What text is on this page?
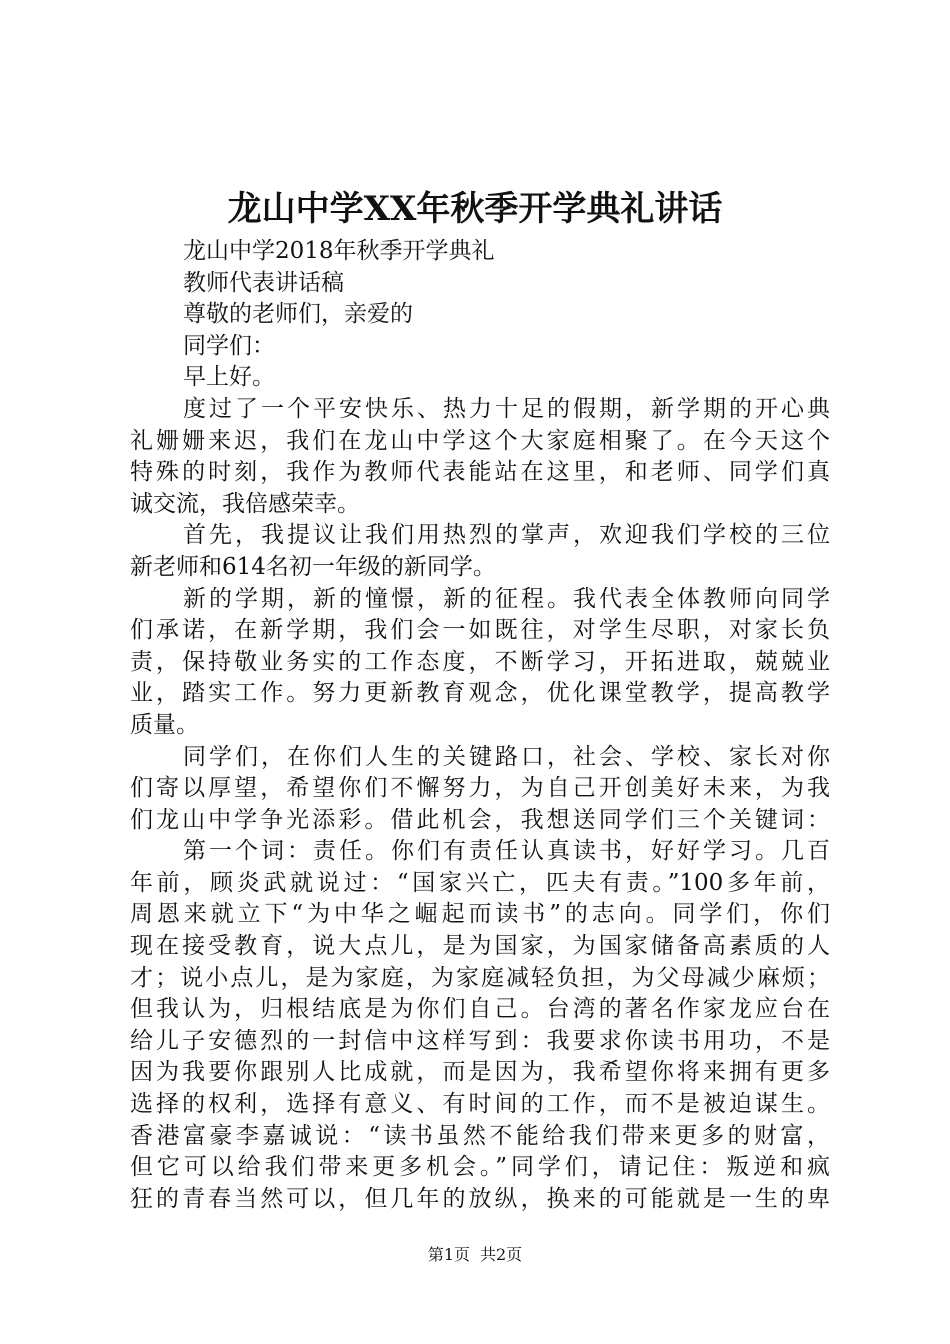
龙山中学XX年秋季开学典礼讲话
龙山中学2018年秋季开学典礼
教师代表讲话稿
尊敬的老师们，亲爱的
同学们：
早上好。
度过了一个平安快乐、热力十足的假期，新学期的开心典
礼姗姗来迟，我们在龙山中学这个大家庭相聚了。在今天这个
特殊的时刻，我作为教师代表能站在这里，和老师、同学们真
诚交流，我倍感荣幸。
首先，我提议让我们用热烈的掌声，欢迎我们学校的三位
新老师和614名初一年级的新同学。
新的学期，新的憧憬，新的征程。我代表全体教师向同学
们承诺，在新学期，我们会一如既往，对学生尽职，对家长负
责，保持敬业务实的工作态度，不断学习，开拓进取，兢兢业
业，踏实工作。努力更新教育观念，优化课堂教学，提高教学
质量。
同学们，在你们人生的关键路口，社会、学校、家长对你
们寄以厚望，希望你们不懈努力，为自己开创美好未来，为我
们龙山中学争光添彩。借此机会，我想送同学们三个关键词：
第一个词：责任。你们有责任认真读书，好好学习。几百
年前，顾炎武就说过：“国家兴亡，匹夫有责。”100多年前，
周恩来就立下“为中华之崛起而读书”的志向。同学们，你们
现在接受教育，说大点儿，是为国家，为国家储备高素质的人
才；说小点儿，是为家庭，为家庭减轻负担，为父母减少麻烦；
但我认为，归根结底是为你们自己。台湾的著名作家龙应台在
给儿子安德烈的一封信中这样写到：我要求你读书用功，不是
因为我要你跟别人比成就，而是因为，我希望你将来拥有更多
选择的权利，选择有意义、有时间的工作，而不是被迫谋生。
香港富豪李嘉诚说：“读书虽然不能给我们带来更多的财富，
但它可以给我们带来更多机会。”同学们，请记住：叛逆和疯
狂的青春当然可以，但几年的放纵，换来的可能就是一生的卑
第1页 共2页
